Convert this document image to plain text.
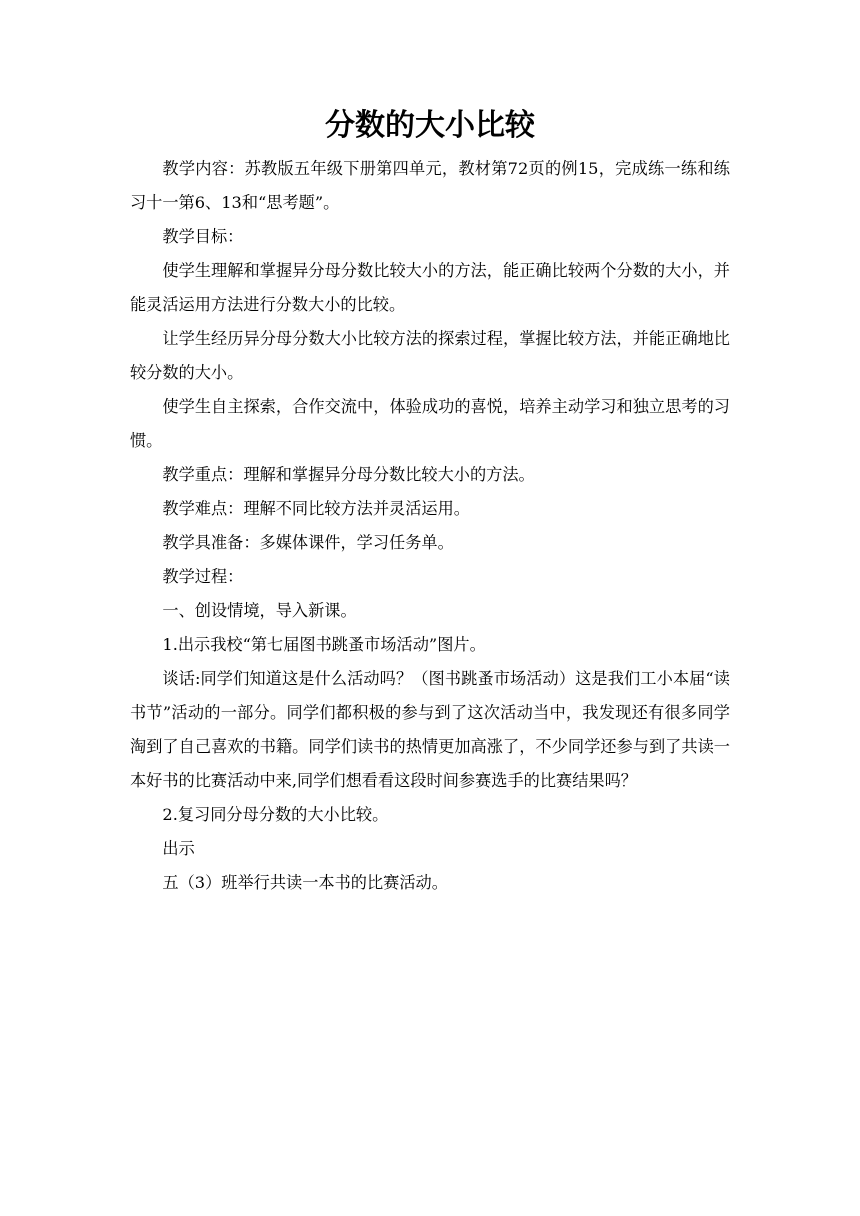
分数的大小比较

教学内容：苏教版五年级下册第四单元，教材第72页的例15，完成练一练和练习十一第6、13和“思考题”。

教学目标：

使学生理解和掌握异分母分数比较大小的方法，能正确比较两个分数的大小，并能灵活运用方法进行分数大小的比较。

让学生经历异分母分数大小比较方法的探索过程，掌握比较方法，并能正确地比较分数的大小。

使学生自主探索，合作交流中，体验成功的喜悦，培养主动学习和独立思考的习惯。

教学重点：理解和掌握异分母分数比较大小的方法。

教学难点：理解不同比较方法并灵活运用。

教学具准备：多媒体课件，学习任务单。

教学过程：

一、创设情境，导入新课。

1.出示我校“第七届图书跳蚤市场活动”图片。

谈话:同学们知道这是什么活动吗？（图书跳蚤市场活动）这是我们工小本届“读书节”活动的一部分。同学们都积极的参与到了这次活动当中，我发现还有很多同学淘到了自己喜欢的书籍。同学们读书的热情更加高涨了，不少同学还参与到了共读一本好书的比赛活动中来,同学们想看看这段时间参赛选手的比赛结果吗？

2.复习同分母分数的大小比较。

出示

五（3）班举行共读一本书的比赛活动。
